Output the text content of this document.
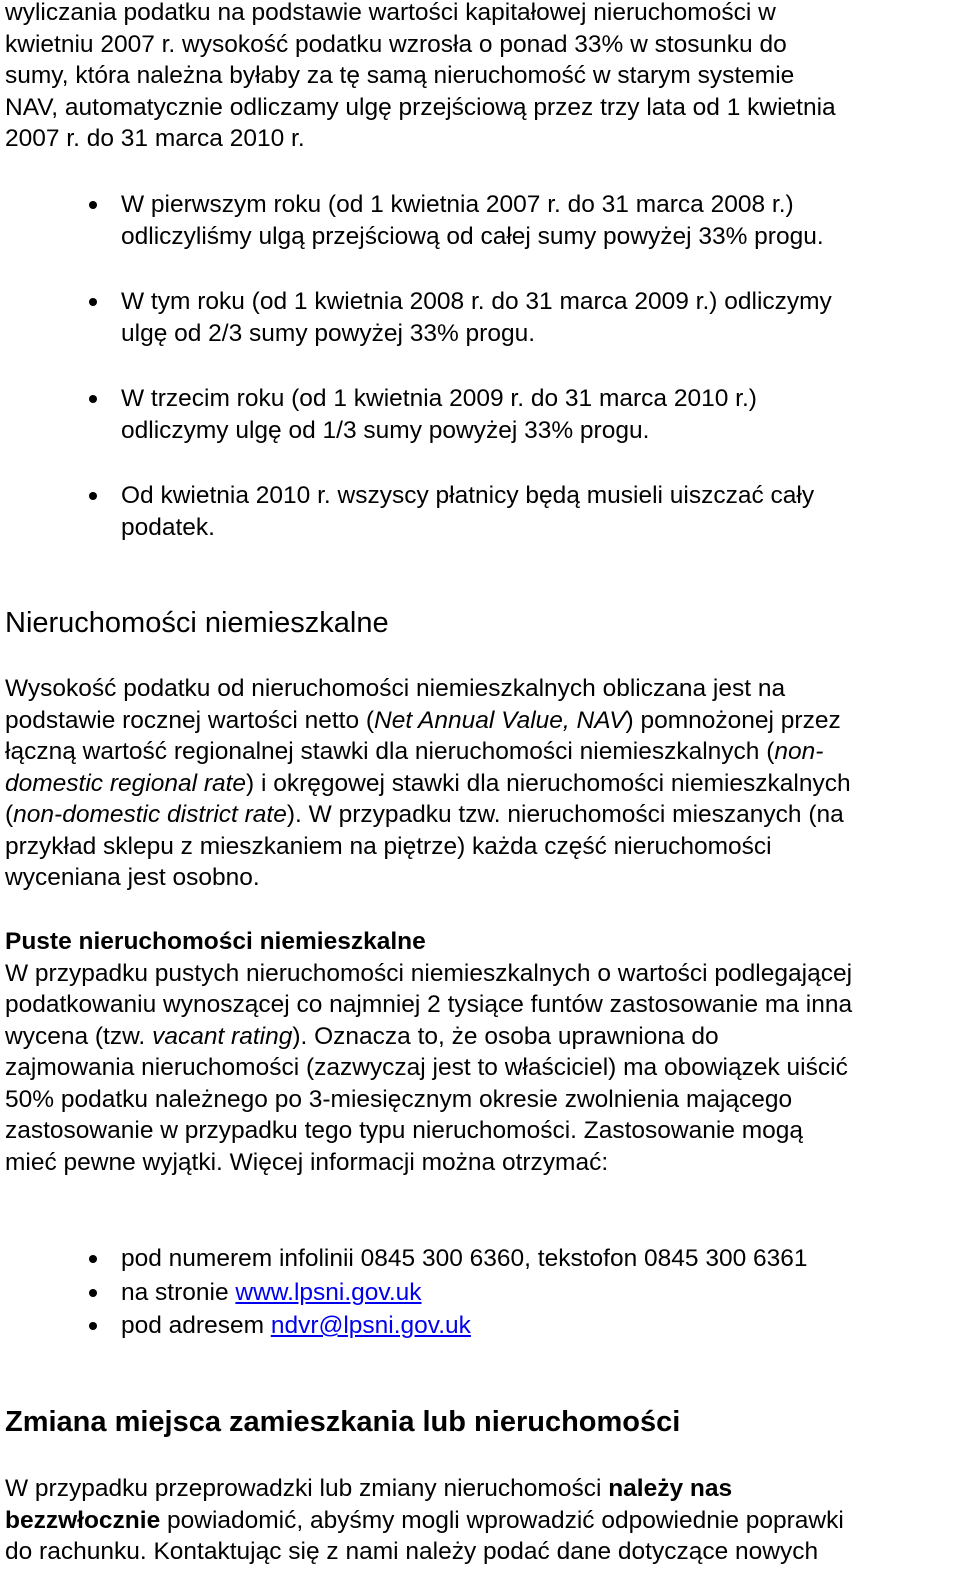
wyliczania podatku na podstawie wartości kapitałowej nieruchomości w

kwietniu 2007 r. wysokość podatku wzrosła o ponad 33% w stosunku do

sumy, która należna byłaby za tę samą nieruchomość w starym systemie

NAV, automatycznie odliczamy ulgę przejściową przez trzy lata od 1 kwietnia

2007 r. do 31 marca 2010 r.

W pierwszym roku (od 1 kwietnia 2007 r. do 31 marca 2008 r.)

odliczyliśmy ulgą przejściową od całej sumy powyżej 33% progu.

W tym roku (od 1 kwietnia 2008 r. do 31 marca 2009 r.) odliczymy

ulgę od 2/3 sumy powyżej 33% progu.

W trzecim roku (od 1 kwietnia 2009 r. do 31 marca 2010 r.)

odliczymy ulgę od 1/3 sumy powyżej 33% progu.

Od kwietnia 2010 r. wszyscy płatnicy będą musieli uiszczać cały

podatek.

Nieruchomości niemieszkalne

Wysokość podatku od nieruchomości niemieszkalnych obliczana jest na

podstawie rocznej wartości netto (Net Annual Value, NAV) pomnożonej przez

łączną wartość regionalnej stawki dla nieruchomości niemieszkalnych (non-

domestic regional rate) i okręgowej stawki dla nieruchomości niemieszkalnych

(non-domestic district rate). W przypadku tzw. nieruchomości mieszanych (na

przykład sklepu z mieszkaniem na piętrze) każda część nieruchomości

wyceniana jest osobno.

Puste nieruchomości niemieszkalne

W przypadku pustych nieruchomości niemieszkalnych o wartości podlegającej

podatkowaniu wynoszącej co najmniej 2 tysiące funtów zastosowanie ma inna

wycena (tzw. vacant rating). Oznacza to, że osoba uprawniona do

zajmowania nieruchomości (zazwyczaj jest to właściciel) ma obowiązek uiścić

50% podatku należnego po 3-miesięcznym okresie zwolnienia mającego

zastosowanie w przypadku tego typu nieruchomości. Zastosowanie mogą

mieć pewne wyjątki. Więcej informacji można otrzymać:

pod numerem infolinii 0845 300 6360, tekstofon 0845 300 6361

na stronie www.lpsni.gov.uk

pod adresem ndvr@lpsni.gov.uk

Zmiana miejsca zamieszkania lub nieruchomości

W przypadku przeprowadzki lub zmiany nieruchomości należy nas

bezzwłocznie powiadomić, abyśmy mogli wprowadzić odpowiednie poprawki

do rachunku. Kontaktując się z nami należy podać dane dotyczące nowych
